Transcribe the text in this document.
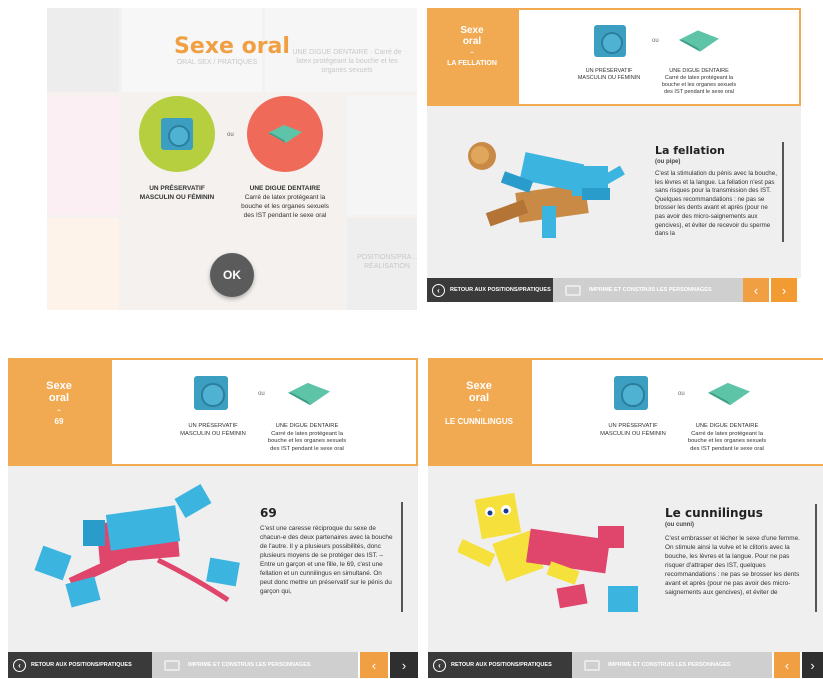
Sexe oral
ORAL SEX / PRATIQUES
UNE DIGUE DENTAIRE · Carré de latex protégeant la bouche et les organes sexuels
POSITIONS/PRA... RÉALISATION
ou
UN PRÉSERVATIF
MASCULIN OU FÉMININ
UNE DIGUE DENTAIRE
Carré de latex protégeant la
bouche et les organes sexuels
des IST pendant le sexe oral
OK
Sexe
oral
-
LA FELLATION
ou
UN PRÉSERVATIF
MASCULIN OU FÉMININ
UNE DIGUE DENTAIRE
Carré de latex protégeant la
bouche et les organes sexuels
des IST pendant le sexe oral
La fellation
(ou pipe)
C'est la stimulation du pénis avec la bouche, les lèvres et la langue. La fellation n'est pas sans risques pour la transmission des IST. Quelques recommandations : ne pas se brosser les dents avant et après (pour ne pas avoir des micro-saignements aux gencives), et éviter de recevoir du sperme dans la
‹	RETOUR AUX POSITIONS/PRATIQUES	IMPRIME ET CONSTRUIS LES PERSONNAGES	‹ ›
Sexe
oral
-
69
ou
UN PRÉSERVATIF
MASCULIN OU FÉMININ
UNE DIGUE DENTAIRE
Carré de latex protégeant la
bouche et les organes sexuels
des IST pendant le sexe oral
69
C'est une caresse réciproque du sexe de chacun-e des deux partenaires avec la bouche de l'autre. Il y a plusieurs possibilités, donc plusieurs moyens de se protéger des IST. – Entre un garçon et une fille, le 69, c'est une fellation et un cunnilingus en simultané. On peut donc mettre un préservatif sur le pénis du garçon qui,
‹	RETOUR AUX POSITIONS/PRATIQUES	IMPRIME ET CONSTRUIS LES PERSONNAGES	‹ ›
Sexe
oral
-
LE CUNNILINGUS
ou
UN PRÉSERVATIF
MASCULIN OU FÉMININ
UNE DIGUE DENTAIRE
Carré de latex protégeant la
bouche et les organes sexuels
des IST pendant le sexe oral
Le cunnilingus
(ou cunni)
C'est embrasser et lécher le sexe d'une femme. On stimule ainsi la vulve et le clitoris avec la bouche, les lèvres et la langue. Pour ne pas risquer d'attraper des IST, quelques recommandations : ne pas se brosser les dents avant et après (pour ne pas avoir des micro-saignements aux gencives), et éviter de
‹	RETOUR AUX POSITIONS/PRATIQUES	IMPRIME ET CONSTRUIS LES PERSONNAGES	‹ ›
